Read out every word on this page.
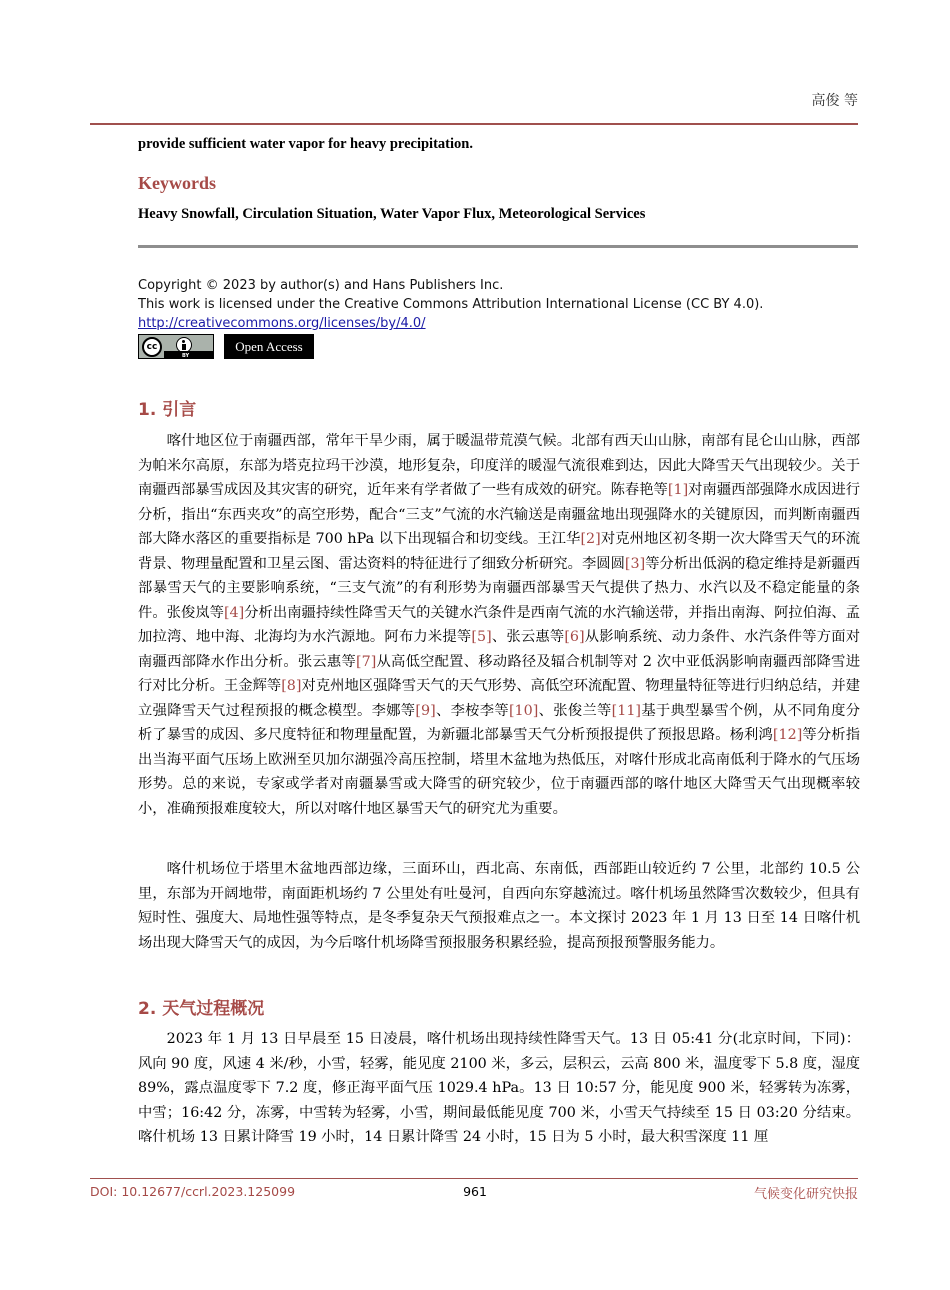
高俊 等
provide sufficient water vapor for heavy precipitation.
Keywords
Heavy Snowfall, Circulation Situation, Water Vapor Flux, Meteorological Services
Copyright © 2023 by author(s) and Hans Publishers Inc.
This work is licensed under the Creative Commons Attribution International License (CC BY 4.0).
http://creativecommons.org/licenses/by/4.0/
cc
BY
Open Access
1. 引言

喀什地区位于南疆西部，常年干旱少雨，属于暖温带荒漠气候。北部有西天山山脉，南部有昆仑山山脉，西部为帕米尔高原，东部为塔克拉玛干沙漠，地形复杂，印度洋的暖湿气流很难到达，因此大降雪天气出现较少。关于南疆西部暴雪成因及其灾害的研究，近年来有学者做了一些有成效的研究。陈春艳等[1]对南疆西部强降水成因进行分析，指出“东西夹攻”的高空形势，配合“三支”气流的水汽输送是南疆盆地出现强降水的关键原因，而判断南疆西部大降水落区的重要指标是 700 hPa 以下出现辐合和切变线。王江华[2]对克州地区初冬期一次大降雪天气的环流背景、物理量配置和卫星云图、雷达资料的特征进行了细致分析研究。李圆圆[3]等分析出低涡的稳定维持是新疆西部暴雪天气的主要影响系统，“三支气流”的有利形势为南疆西部暴雪天气提供了热力、水汽以及不稳定能量的条件。张俊岚等[4]分析出南疆持续性降雪天气的关键水汽条件是西南气流的水汽输送带，并指出南海、阿拉伯海、孟加拉湾、地中海、北海均为水汽源地。阿布力米提等[5]、张云惠等[6]从影响系统、动力条件、水汽条件等方面对南疆西部降水作出分析。张云惠等[7]从高低空配置、移动路径及辐合机制等对 2 次中亚低涡影响南疆西部降雪进行对比分析。王金辉等[8]对克州地区强降雪天气的天气形势、高低空环流配置、物理量特征等进行归纳总结，并建立强降雪天气过程预报的概念模型。李娜等[9]、李桉李等[10]、张俊兰等[11]基于典型暴雪个例，从不同角度分析了暴雪的成因、多尺度特征和物理量配置，为新疆北部暴雪天气分析预报提供了预报思路。杨利鸿[12]等分析指出当海平面气压场上欧洲至贝加尔湖强冷高压控制，塔里木盆地为热低压，对喀什形成北高南低利于降水的气压场形势。总的来说，专家或学者对南疆暴雪或大降雪的研究较少，位于南疆西部的喀什地区大降雪天气出现概率较小，准确预报难度较大，所以对喀什地区暴雪天气的研究尤为重要。

喀什机场位于塔里木盆地西部边缘，三面环山，西北高、东南低，西部距山较近约 7 公里，北部约 10.5 公里，东部为开阔地带，南面距机场约 7 公里处有吐曼河，自西向东穿越流过。喀什机场虽然降雪次数较少，但具有短时性、强度大、局地性强等特点，是冬季复杂天气预报难点之一。本文探讨 2023 年 1 月 13 日至 14 日喀什机场出现大降雪天气的成因，为今后喀什机场降雪预报服务积累经验，提高预报预警服务能力。

2. 天气过程概况

2023 年 1 月 13 日早晨至 15 日凌晨，喀什机场出现持续性降雪天气。13 日 05:41 分(北京时间，下同)：风向 90 度，风速 4 米/秒，小雪，轻雾，能见度 2100 米，多云，层积云，云高 800 米，温度零下 5.8 度，湿度 89%，露点温度零下 7.2 度，修正海平面气压 1029.4 hPa。13 日 10:57 分，能见度 900 米，轻雾转为冻雾，中雪；16:42 分，冻雾，中雪转为轻雾，小雪，期间最低能见度 700 米，小雪天气持续至 15 日 03:20 分结束。喀什机场 13 日累计降雪 19 小时，14 日累计降雪 24 小时，15 日为 5 小时，最大积雪深度 11 厘

DOI: 10.12677/ccrl.2023.125099	961	气候变化研究快报
